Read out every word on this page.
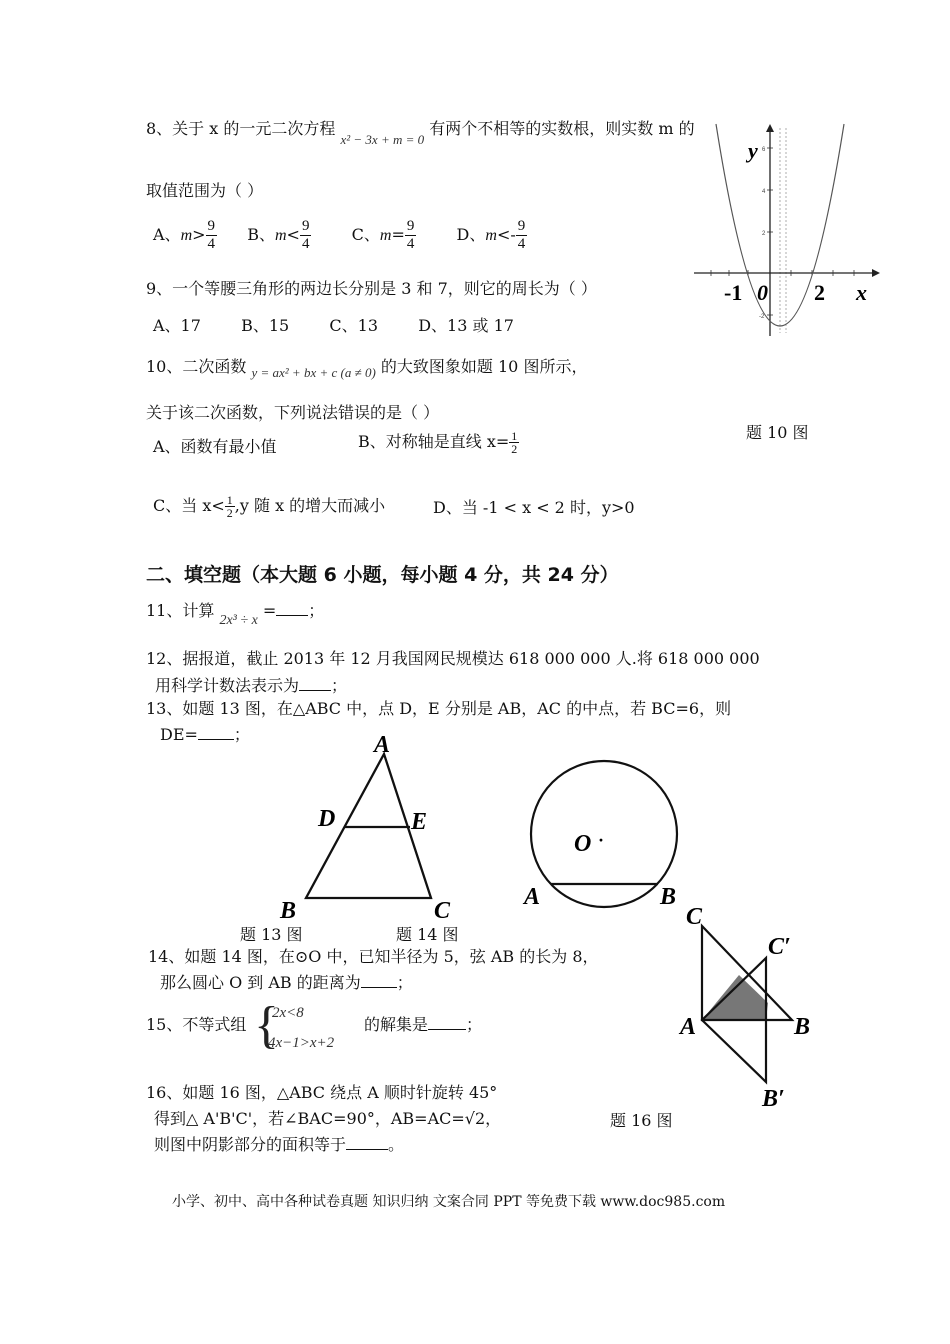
8、关于 x 的一元二次方程 $_{x^2 - 3x + m = 0}$ 有两个不相等的实数根，则实数 m 的
取值范围为（ ）
A、$m> \frac{9}{4}$ B、$m< \frac{9}{4}$	C、$m= \frac{9}{4}$	D、$m<- \frac{9}{4}$
9、一个等腰三角形的两边长分别是 3 和 7，则它的周长为（ ）
A、17	B、15	C、13	D、13 或 17
10、二次函数 $_{y = ax^2 + bx + c (a \ne 0)}$ 的大致图象如题 10 图所示，
关于该二次函数，下列说法错误的是（ ）
A、函数有最小值	B、对称轴是直线 $x= \frac{1}{2}$
C、当 $x< \frac{1}{2} ,y$ 随 x 的增大而减小	D、当 -1 < x < 2 时，y>0
题 10 图
2
4
6
-2
y
-1 0 2 x
二、填空题（本大题 6 小题，每小题 4 分，共 24 分）
11、计算 2x³ ÷ x = ；
12、据报道，截止 2013 年 12 月我国网民规模达 618 000 000 人.将 618 000 000
用科学计数法表示为 ；
13、如题 13 图，在△ABC 中，点 D，E 分别是 AB，AC 的中点，若 BC=6，则
DE= ；	A
D	E
B	C
题 13 图
O ·
A	B
题 14 图
14、如题 14 图，在⊙O 中，已知半径为 5，弦 AB 的长为 8，
那么圆心 O 到 AB 的距离为 ；
15、不等式组 {
2x<8
4x−1>x+2
的解集是 ；
16、如题 16 图，△ABC 绕点 A 顺时针旋转 45°
得到△ A'B'C'，若∠BAC=90°，AB=AC=√2，
则图中阴影部分的面积等于	。
题 16 图
C
C′
A	B
B′
小学、初中、高中各种试卷真题 知识归纳 文案合同 PPT 等免费下载 www.doc985.com
